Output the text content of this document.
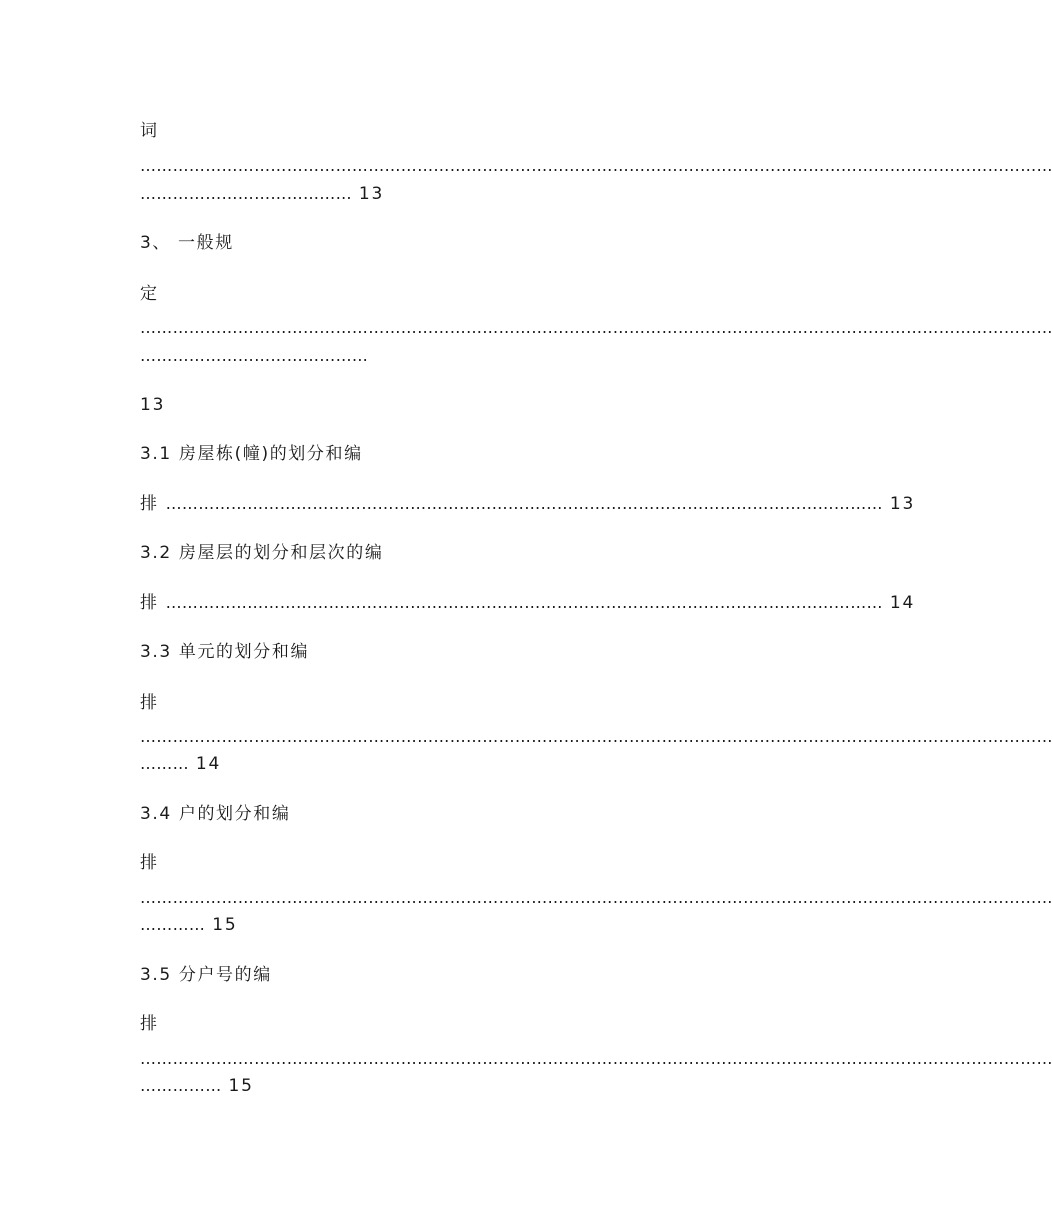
词
……………………………………………………………………………………………………………………………………………………
………………………………… 13
3、 一般规
定
……………………………………………………………………………………………………………………………………………………
……………………………………
13
3.1 房屋栋(幢)的划分和编
排 …………………………………………………………………………………………………………………… 13
3.2 房屋层的划分和层次的编
排 …………………………………………………………………………………………………………………… 14
3.3 单元的划分和编
排
……………………………………………………………………………………………………………………………………………………
……… 14
3.4 户的划分和编
排
……………………………………………………………………………………………………………………………………………………
………… 15
3.5 分户号的编
排
……………………………………………………………………………………………………………………………………………………
…………… 15
